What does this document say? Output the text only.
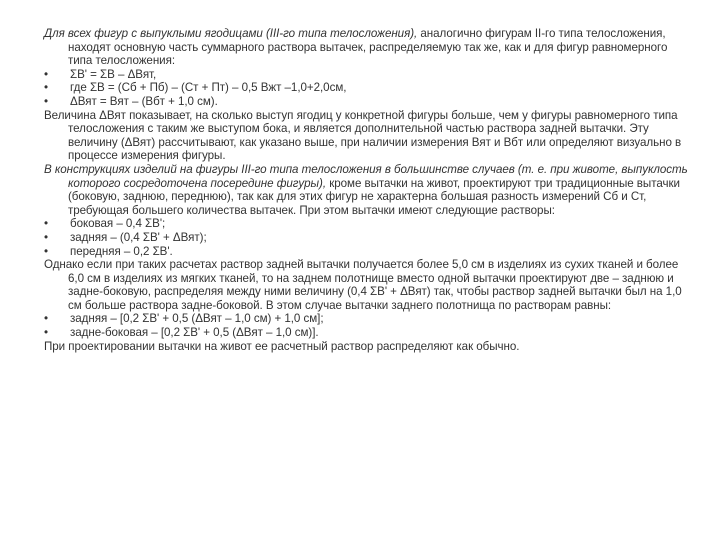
Для всех фигур с выпуклыми ягодицами (III-го типа телосложения), аналогично фигурам II-го типа телосложения, находят основную часть суммарного раствора вытачек, распределяемую так же, как и для фигур равномерного типа телосложения:

•	ΣВ' = ΣВ – ΔВят,
•	где ΣВ = (Сб + Пб) – (Ст + Пт) – 0,5 Вжт –1,0+2,0см,
•	ΔВят = Вят – (Вбт + 1,0 см).

Величина ΔВят показывает, на сколько выступ ягодиц у конкретной фигуры больше, чем у фигуры равномерного типа телосложения с таким же выступом бока, и является дополнительной частью раствора задней вытачки. Эту величину (ΔВят) рассчитывают, как указано выше, при наличии измерения Вят и Вбт или определяют визуально в процессе измерения фигуры.

В конструкциях изделий на фигуры III-го типа телосложения в большинстве случаев (т. е. при животе, выпуклость которого сосредоточена посередине фигуры), кроме вытачки на живот, проектируют три традиционные вытачки (боковую, заднюю, переднюю), так как для этих фигур не характерна большая разность измерений Сб и Ст, требующая большего количества вытачек. При этом вытачки имеют следующие растворы:

•	боковая – 0,4 ΣВ';
•	задняя – (0,4 ΣВ' + ΔВят);
•	передняя – 0,2 ΣВ'.

Однако если при таких расчетах раствор задней вытачки получается более 5,0 см в изделиях из сухих тканей и более 6,0 см в изделиях из мягких тканей, то на заднем полотнище вместо одной вытачки проектируют две – заднюю и задне-боковую, распределяя между ними величину (0,4 ΣВ' + ΔВят) так, чтобы раствор задней вытачки был на 1,0 см больше раствора задне-боковой. В этом случае вытачки заднего полотнища по растворам равны:

•	задняя – [0,2 ΣВ' + 0,5 (ΔВят – 1,0 см) + 1,0 см];
•	задне-боковая – [0,2 ΣВ' + 0,5 (ΔВят – 1,0 см)].

При проектировании вытачки на живот ее расчетный раствор распределяют как обычно.
